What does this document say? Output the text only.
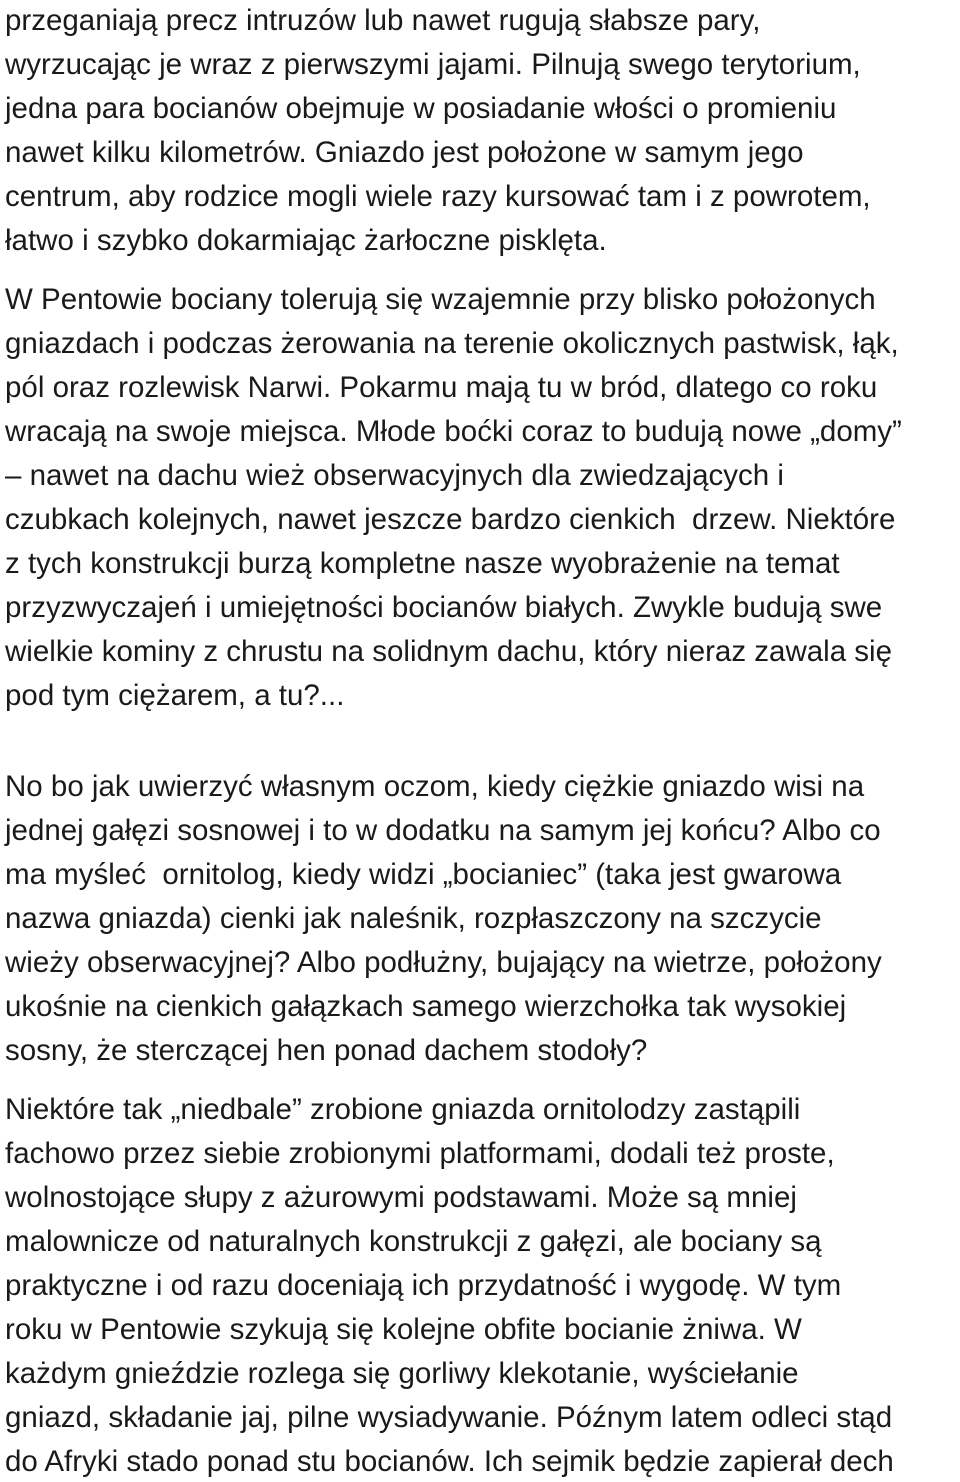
przeganiają precz intruzów lub nawet rugują słabsze pary,
wyrzucając je wraz z pierwszymi jajami. Pilnują swego terytorium,
jedna para bocianów obejmuje w posiadanie włości o promieniu
nawet kilku kilometrów. Gniazdo jest położone w samym jego
centrum, aby rodzice mogli wiele razy kursować tam i z powrotem,
łatwo i szybko dokarmiając żarłoczne pisklęta.
W Pentowie bociany tolerują się wzajemnie przy blisko położonych
gniazdach i podczas żerowania na terenie okolicznych pastwisk, łąk,
pól oraz rozlewisk Narwi. Pokarmu mają tu w bród, dlatego co roku
wracają na swoje miejsca. Młode boćki coraz to budują nowe „domy”
– nawet na dachu wież obserwacyjnych dla zwiedzających i
czubkach kolejnych, nawet jeszcze bardzo cienkich  drzew. Niektóre
z tych konstrukcji burzą kompletne nasze wyobrażenie na temat
przyzwyczajeń i umiejętności bocianów białych. Zwykle budują swe
wielkie kominy z chrustu na solidnym dachu, który nieraz zawala się
pod tym ciężarem, a tu?...
No bo jak uwierzyć własnym oczom, kiedy ciężkie gniazdo wisi na
jednej gałęzi sosnowej i to w dodatku na samym jej końcu? Albo co
ma myśleć  ornitolog, kiedy widzi „bocianiec” (taka jest gwarowa
nazwa gniazda) cienki jak naleśnik, rozpłaszczony na szczycie
wieży obserwacyjnej? Albo podłużny, bujający na wietrze, położony
ukośnie na cienkich gałązkach samego wierzchołka tak wysokiej
sosny, że sterczącej hen ponad dachem stodoły?
Niektóre tak „niedbale” zrobione gniazda ornitolodzy zastąpili
fachowo przez siebie zrobionymi platformami, dodali też proste,
wolnostojące słupy z ażurowymi podstawami. Może są mniej
malownicze od naturalnych konstrukcji z gałęzi, ale bociany są
praktyczne i od razu doceniają ich przydatność i wygodę. W tym
roku w Pentowie szykują się kolejne obfite bocianie żniwa. W
każdym gnieździe rozlega się gorliwy klekotanie, wyściełanie
gniazd, składanie jaj, pilne wysiadywanie. Późnym latem odleci stąd
do Afryki stado ponad stu bocianów. Ich sejmik będzie zapierał dech
